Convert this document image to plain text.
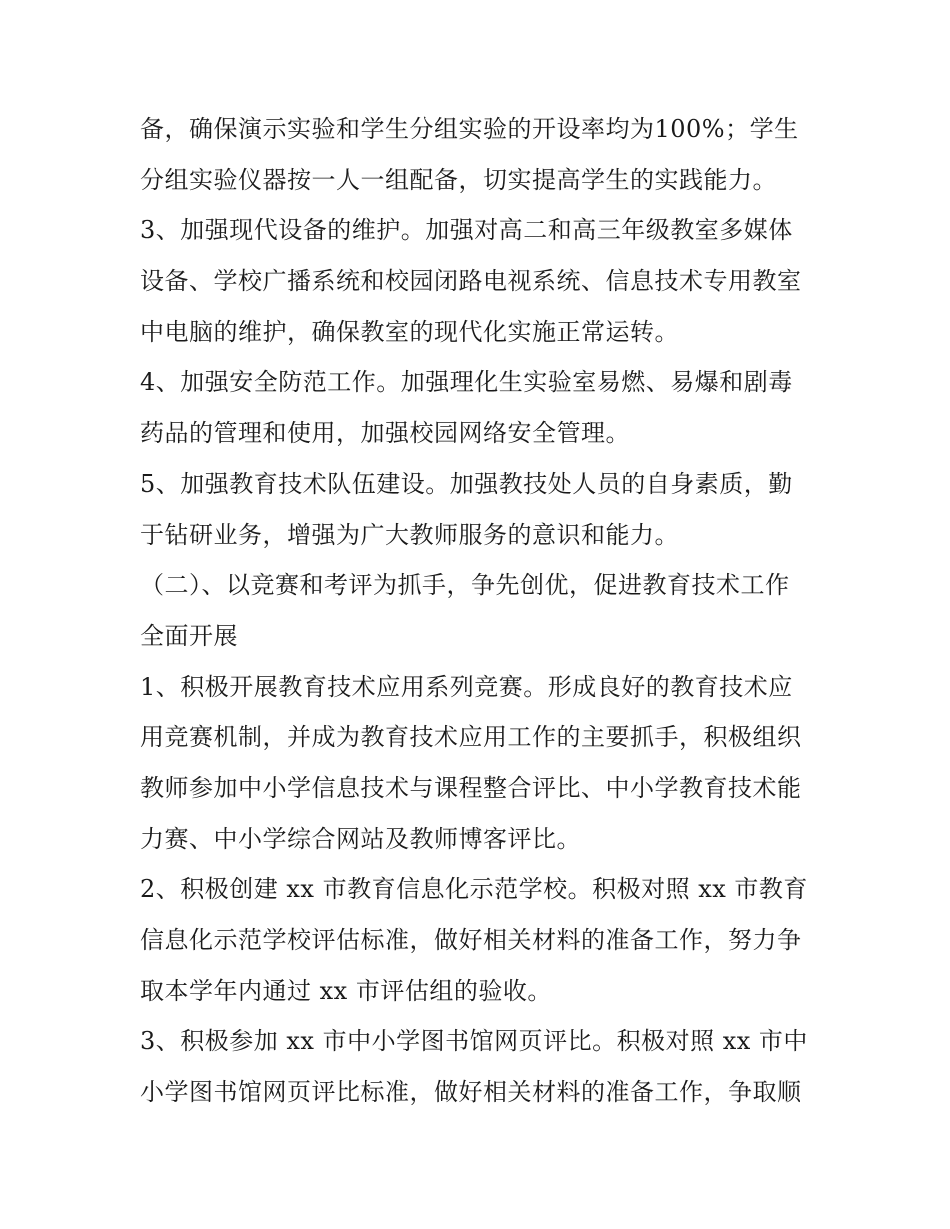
备，确保演示实验和学生分组实验的开设率均为100%；学生
分组实验仪器按一人一组配备，切实提高学生的实践能力。
3、加强现代设备的维护。加强对高二和高三年级教室多媒体
设备、学校广播系统和校园闭路电视系统、信息技术专用教室
中电脑的维护，确保教室的现代化实施正常运转。
4、加强安全防范工作。加强理化生实验室易燃、易爆和剧毒
药品的管理和使用，加强校园网络安全管理。
5、加强教育技术队伍建设。加强教技处人员的自身素质，勤
于钻研业务，增强为广大教师服务的意识和能力。
（二）、以竞赛和考评为抓手，争先创优，促进教育技术工作
全面开展
1、积极开展教育技术应用系列竞赛。形成良好的教育技术应
用竞赛机制，并成为教育技术应用工作的主要抓手，积极组织
教师参加中小学信息技术与课程整合评比、中小学教育技术能
力赛、中小学综合网站及教师博客评比。
2、积极创建 xx 市教育信息化示范学校。积极对照 xx 市教育
信息化示范学校评估标准，做好相关材料的准备工作，努力争
取本学年内通过 xx 市评估组的验收。
3、积极参加 xx 市中小学图书馆网页评比。积极对照 xx 市中
小学图书馆网页评比标准，做好相关材料的准备工作，争取顺
